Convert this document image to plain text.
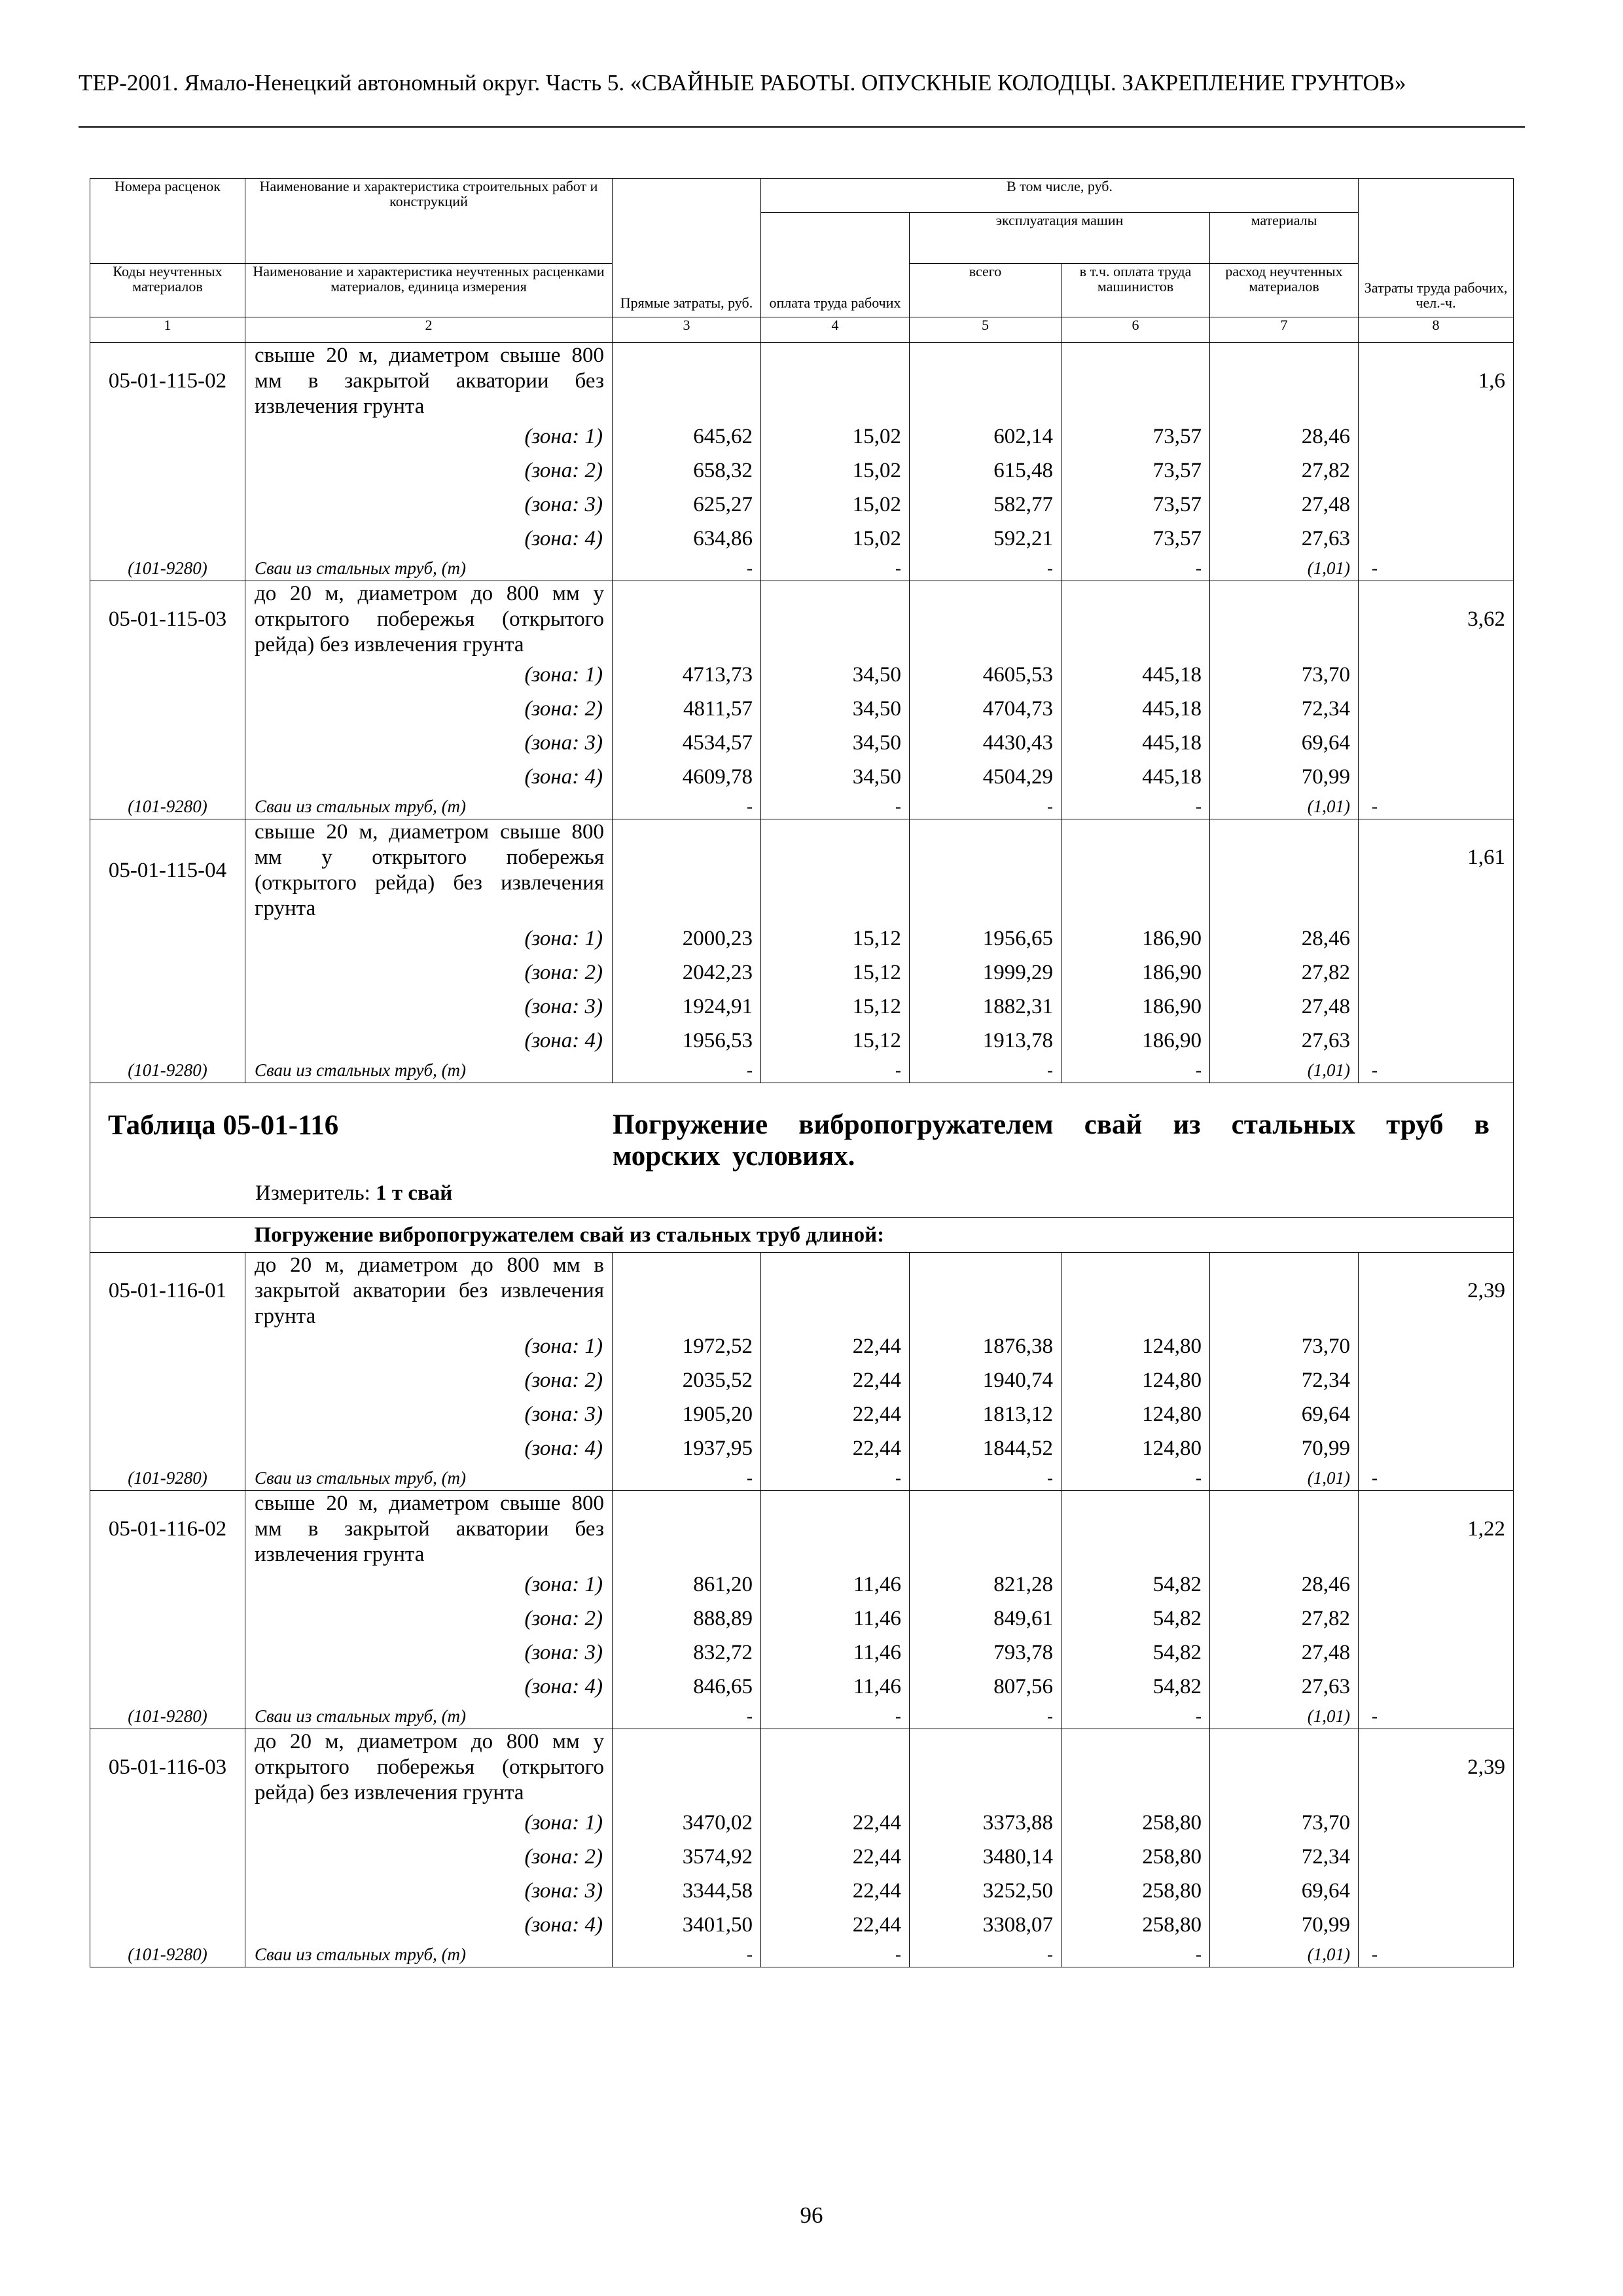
ТЕР-2001. Ямало-Ненецкий автономный округ. Часть 5. «СВАЙНЫЕ РАБОТЫ. ОПУСКНЫЕ КОЛОДЦЫ. ЗАКРЕПЛЕНИЕ ГРУНТОВ»
Номера расценок	Наименование и характеристика строительных работ и конструкций	Прямые затраты, руб.	В том числе, руб.				Затраты труда рабочих, чел.-ч.
			оплата труда рабочих	эксплуатация машин		материалы	
Коды неучтенных материалов	Наименование и характеристика неучтенных расценками материалов, единица измерения			всего	в т.ч. оплата труда машинистов	расход неучтенных материалов	
1	2	3	4	5	6	7	8
05-01-115-02	свыше 20 м, диаметром свыше 800 мм в закрытой акватории без извлечения грунта						1,6
	(зона: 1)	645,62	15,02	602,14	73,57	28,46	
	(зона: 2)	658,32	15,02	615,48	73,57	27,82	
	(зона: 3)	625,27	15,02	582,77	73,57	27,48	
	(зона: 4)	634,86	15,02	592,21	73,57	27,63	
(101-9280)	Сваи из стальных труб, (т)	-	-	-	-	(1,01)	-
05-01-115-03	до 20 м, диаметром до 800 мм у открытого побережья (открытого рейда) без извлечения грунта						3,62
	(зона: 1)	4713,73	34,50	4605,53	445,18	73,70	
	(зона: 2)	4811,57	34,50	4704,73	445,18	72,34	
	(зона: 3)	4534,57	34,50	4430,43	445,18	69,64	
	(зона: 4)	4609,78	34,50	4504,29	445,18	70,99	
(101-9280)	Сваи из стальных труб, (т)	-	-	-	-	(1,01)	-
05-01-115-04	свыше 20 м, диаметром свыше 800 мм у открытого побережья (открытого рейда) без извлечения грунта						1,61
	(зона: 1)	2000,23	15,12	1956,65	186,90	28,46	
	(зона: 2)	2042,23	15,12	1999,29	186,90	27,82	
	(зона: 3)	1924,91	15,12	1882,31	186,90	27,48	
	(зона: 4)	1956,53	15,12	1913,78	186,90	27,63	
(101-9280)	Сваи из стальных труб, (т)	-	-	-	-	(1,01)	-

Таблица 05-01-116 Погружение вибропогружателем свай из стальных труб в морских условиях.
Измеритель: 1 т свай							

	Погружение вибропогружателем свай из стальных труб длиной:						
05-01-116-01	до 20 м, диаметром до 800 мм в закрытой акватории без извлечения грунта						2,39
	(зона: 1)	1972,52	22,44	1876,38	124,80	73,70	
	(зона: 2)	2035,52	22,44	1940,74	124,80	72,34	
	(зона: 3)	1905,20	22,44	1813,12	124,80	69,64	
	(зона: 4)	1937,95	22,44	1844,52	124,80	70,99	
(101-9280)	Сваи из стальных труб, (т)	-	-	-	-	(1,01)	-
05-01-116-02	свыше 20 м, диаметром свыше 800 мм в закрытой акватории без извлечения грунта						1,22
	(зона: 1)	861,20	11,46	821,28	54,82	28,46	
	(зона: 2)	888,89	11,46	849,61	54,82	27,82	
	(зона: 3)	832,72	11,46	793,78	54,82	27,48	
	(зона: 4)	846,65	11,46	807,56	54,82	27,63	
(101-9280)	Сваи из стальных труб, (т)	-	-	-	-	(1,01)	-
05-01-116-03	до 20 м, диаметром до 800 мм у открытого побережья (открытого рейда) без извлечения грунта						2,39
	(зона: 1)	3470,02	22,44	3373,88	258,80	73,70	
	(зона: 2)	3574,92	22,44	3480,14	258,80	72,34	
	(зона: 3)	3344,58	22,44	3252,50	258,80	69,64	
	(зона: 4)	3401,50	22,44	3308,07	258,80	70,99	
(101-9280)	Сваи из стальных труб, (т)	-	-	-	-	(1,01)	-
96
